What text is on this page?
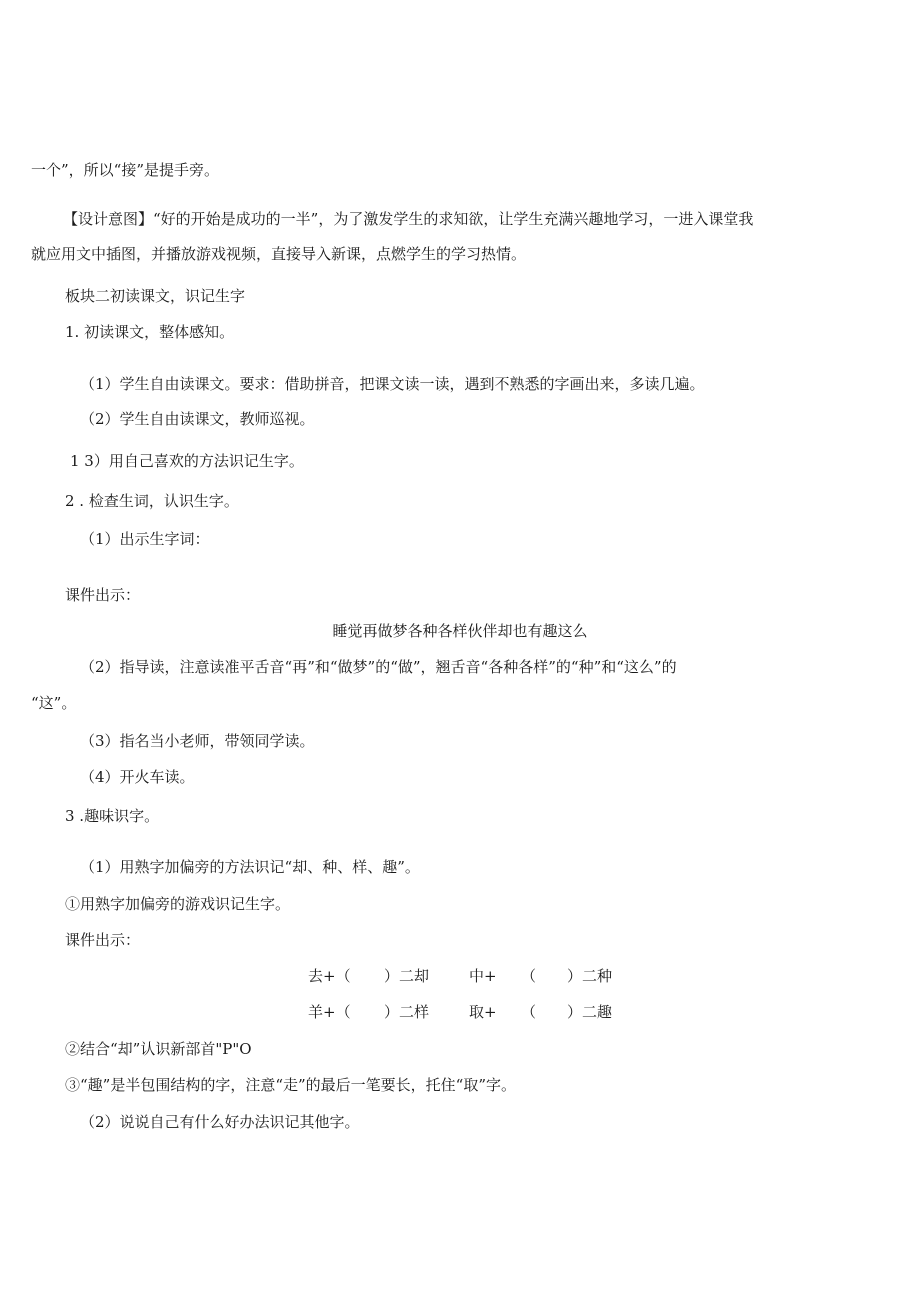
一个”，所以“接”是提手旁。
【设计意图】“好的开始是成功的一半”，为了激发学生的求知欲，让学生充满兴趣地学习，一进入课堂我
就应用文中插图，并播放游戏视频，直接导入新课，点燃学生的学习热情。
板块二初读课文，识记生字
1. 初读课文，整体感知。
（1）学生自由读课文。要求：借助拼音，把课文读一读，遇到不熟悉的字画出来，多读几遍。
（2）学生自由读课文，教师巡视。
1 3）用自己喜欢的方法识记生字。
2 . 检查生词，认识生字。
（1）出示生字词：
课件出示：
睡觉再做梦各种各样伙伴却也有趣这么
（2）指导读，注意读准平舌音“再”和“做梦”的“做”，翘舌音“各种各样”的“种”和“这么”的
“这”。
（3）指名当小老师，带领同学读。
（4）开火车读。
3 .趣味识字。
（1）用熟字加偏旁的方法识记“却、种、样、趣”。
①用熟字加偏旁的游戏识记生字。
课件出示：
去+（ ）二却	中+ （ ）二种
羊+（ ）二样	取+ （ ）二趣
②结合“却”认识新部首"P"O
③“趣”是半包围结构的字，注意“走”的最后一笔要长，托住“取”字。
（2）说说自己有什么好办法识记其他字。
